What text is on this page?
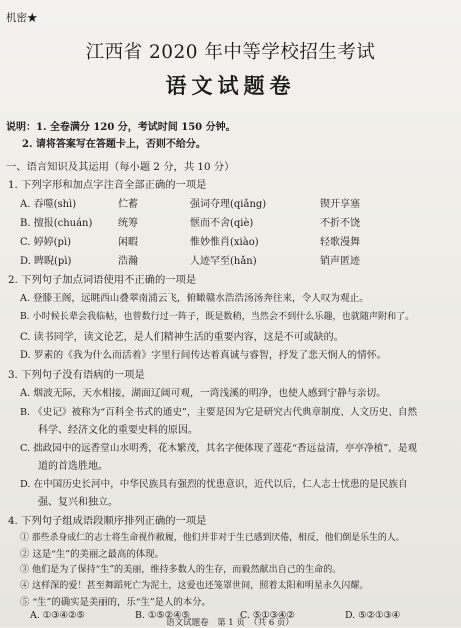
机密★
江西省 2020 年中等学校招生考试
语文试题卷
说明：1. 全卷满分 120 分，考试时间 150 分钟。
2. 请将答案写在答题卡上，否则不给分。
一、语言知识及其运用（每小题 2 分，共 10 分）
1. 下列字形和加点字注音全部正确的一项是
A. 吞噬(shì)	伫蓄	强词夺理(qiǎng)	锲开享塞
B. 擅报(chuán)	统筹	惬而不舍(qiè)	不折不饶
C. 婷婷(pì)	闲暇	惟妙惟肖(xiào)	轻歌漫舞
D. 睥睨(pì)	浩瀚	人迹罕至(hǎn)	销声匿迹
2. 下列句子加点词语使用不正确的一项是
A. 登滕王阁，远眺西山叠翠南浦云飞，俯瞰赣水浩浩汤汤奔往来，令人叹为观止。
B. 小时候长辈会我临帖，也曾数行过一阵子，既是数稍，当然会不到什么乐趣，也就随声附和了。
C. 读书同学，读文论艺，是人们精神生活的重要内容，这是不可或缺的。
D. 罗素的《我为什么而活着》字里行间传达着真诚与睿智，抒发了悲天悯人的情怀。
3. 下列句子没有语病的一项是
A. 烟波无际，天水相接，湖面辽阔可观，一湾浅溪的明净，也使人感到宁静与亲切。
B. 《史记》被称为“百科全书式的通史”，主要是因为它是研究古代典章制度、人文历史、自然
科学、经济文化的重要史料的原因。
C. 拙政园中的远香堂山水明秀，花木繁茂，其名字便体现了莲花“香远益清，亭亭净植”，是观
道的首选胜地。
D. 在中国历史长河中，中华民族具有强烈的忧患意识，近代以后，仁人志士忧患的是民族自
强、复兴和独立。
4. 下列句子组成语段顺序排列正确的一项是
① 那些杀身成仁的志士将生命视作敝履，他们并非对于生已感到厌倦，相反，他们倒是乐生的人。
② 这是“生”的美丽之最高的体现。
③ 他们是为了保持“生”的美丽，维持多数人的生存，而毅然献出自己的生命的。
④ 这样深的爱！甚至舞蹈死亡为泥土，这爱也还笼罩世间，照着太阳和明星永久闪耀。
⑤ “生”的确实是美丽的，乐“生”是人的本分。
A. ①③④②⑤	B. ①⑤②④⑤	C. ⑤①③④②	D. ⑤②①③④
语文试题卷　第 1 页　（共 6 页）
